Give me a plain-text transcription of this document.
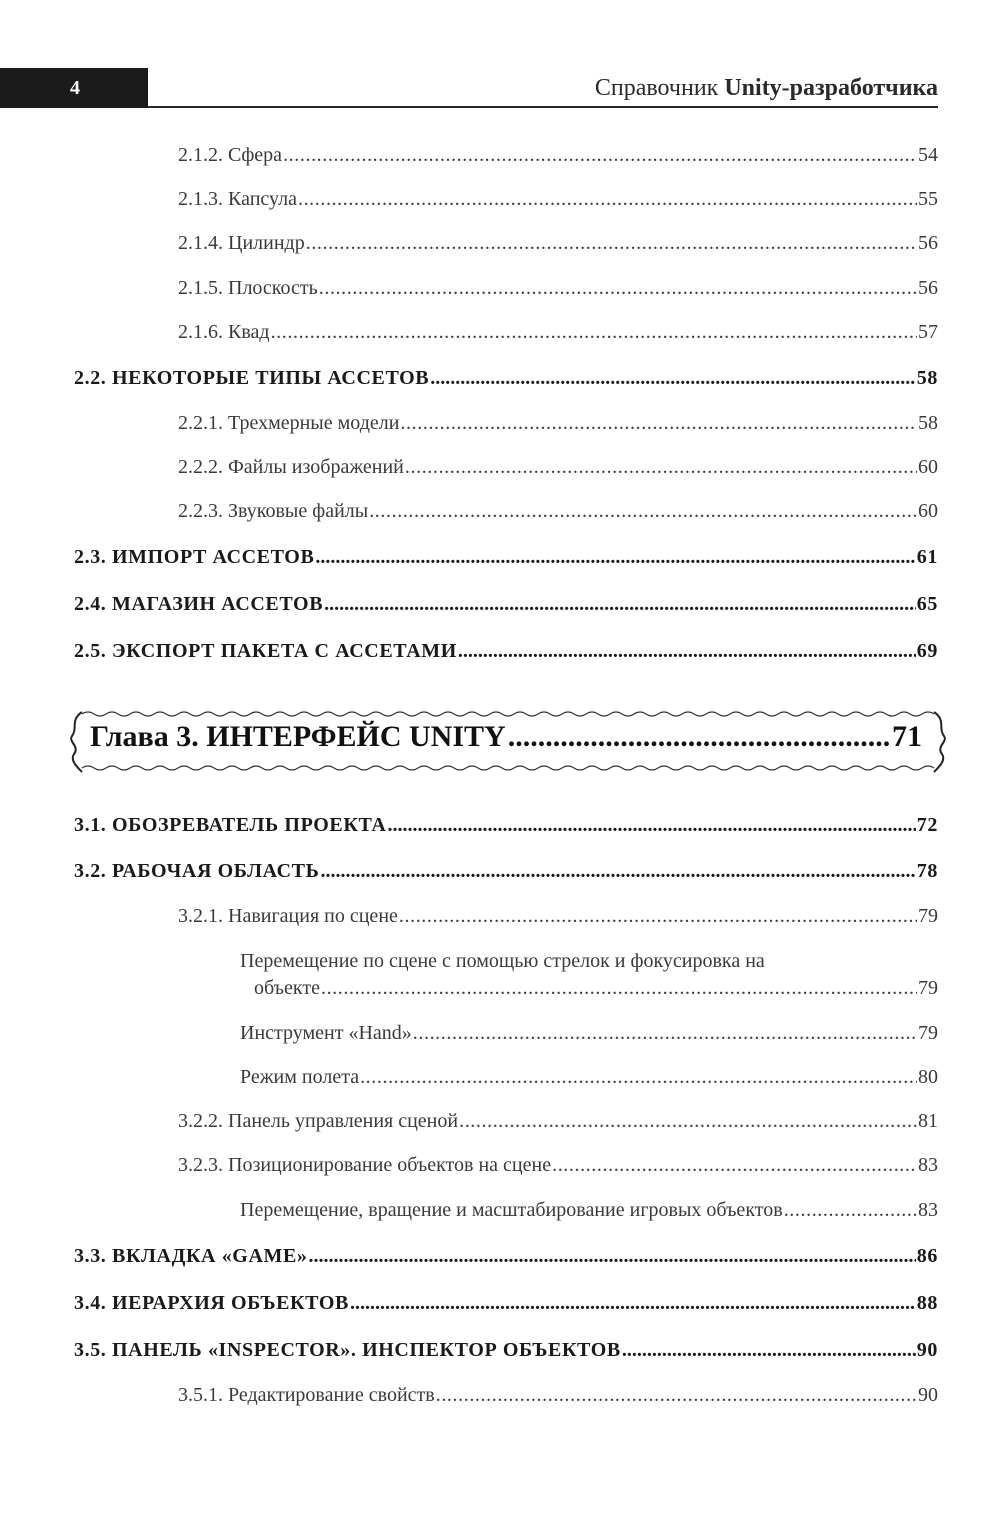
4	Справочник Unity-разработчика
2.1.2. Сфера . . .	54
2.1.3. Капсула . . .	55
2.1.4. Цилиндр . . .	56
2.1.5. Плоскость . . .	56
2.1.6. Квад . . .	57
2.2. НЕКОТОРЫЕ ТИПЫ АССЕТОВ .....	58
2.2.1. Трехмерные модели . . .	58
2.2.2. Файлы изображений . . .	60
2.2.3. Звуковые файлы . . .	60
2.3. ИМПОРТ АССЕТОВ .....	61
2.4. МАГАЗИН АССЕТОВ .....	65
2.5. ЭКСПОРТ ПАКЕТА С АССЕТАМИ .....	69
Глава 3. ИНТЕРФЕЙС UNITY .....	71
3.1. ОБОЗРЕВАТЕЛЬ ПРОЕКТА .....	72
3.2. РАБОЧАЯ ОБЛАСТЬ .....	78
3.2.1. Навигация по сцене . . .	79
Перемещение по сцене с помощью стрелок и фокусировка на
объекте . . .	79
Инструмент «Hand» . . .	79
Режим полета . . .	80
3.2.2. Панель управления сценой . . .	81
3.2.3. Позиционирование объектов на сцене . . .	83
Перемещение, вращение и масштабирование игровых объектов . . .	83
3.3. ВКЛАДКА «GAME» .....	86
3.4. ИЕРАРХИЯ ОБЪЕКТОВ .....	88
3.5. ПАНЕЛЬ «INSPECTOR». ИНСПЕКТОР ОБЪЕКТОВ .....	90
3.5.1. Редактирование свойств . . .	90
